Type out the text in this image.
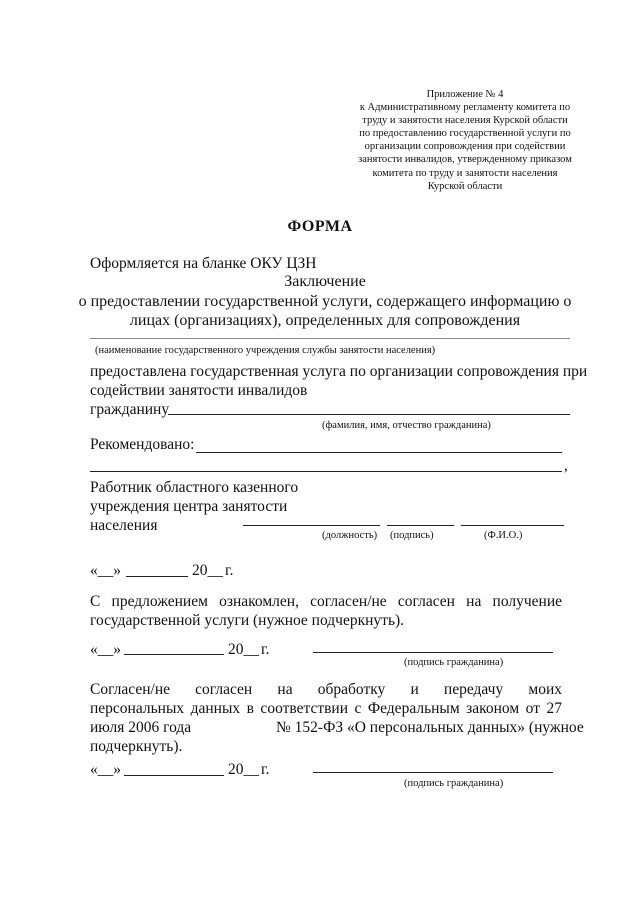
Приложение № 4
к Административному регламенту комитета по
труду и занятости населения Курской области
по предоставлению государственной услуги по
организации сопровождения при содействии
занятости инвалидов, утвержденному приказом
комитета по труду и занятости населения
Курской области
ФОРМА
Оформляется на бланке ОКУ ЦЗН
Заключение
о предоставлении государственной услуги, содержащего информацию о
лицах (организациях), определенных для сопровождения
(наименование государственного учреждения службы занятости населения)
предоставлена государственная услуга по организации сопровождения при
содействии занятости инвалидов
гражданину
(фамилия, имя, отчество гражданина)
Рекомендовано:
,
Работник областного казенного
учреждения центра занятости
населения
(должность) (подпись)	(Ф.И.О.)
«__»	20__ г.
С предложением ознакомлен, согласен/не согласен на получение
государственной услуги (нужное подчеркнуть).
«__»	20__ г.
(подпись гражданина)
Согласен/не согласен на обработку и передачу моих
персональных данных в соответствии с Федеральным законом от 27
июля 2006 года	№ 152-ФЗ «О персональных данных» (нужное
подчеркнуть).
«__»	20__ г.
(подпись гражданина)
